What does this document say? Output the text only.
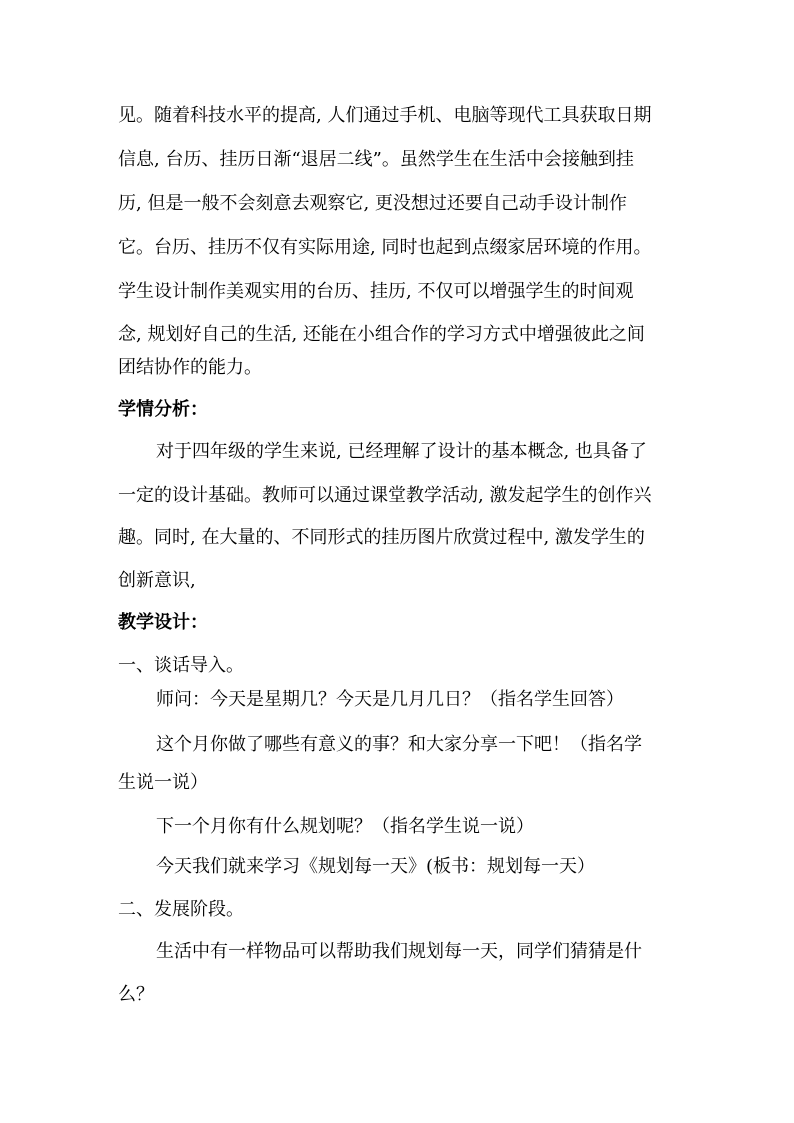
见。随着科技水平的提高, 人们通过手机、电脑等现代工具获取日期
信息, 台历、挂历日渐“退居二线”。虽然学生在生活中会接触到挂
历, 但是一般不会刻意去观察它, 更没想过还要自己动手设计制作
它。台历、挂历不仅有实际用途, 同时也起到点缀家居环境的作用。
学生设计制作美观实用的台历、挂历, 不仅可以增强学生的时间观
念, 规划好自己的生活, 还能在小组合作的学习方式中增强彼此之间
团结协作的能力。
学情分析：
对于四年级的学生来说, 已经理解了设计的基本概念, 也具备了
一定的设计基础。教师可以通过课堂教学活动, 激发起学生的创作兴
趣。同时, 在大量的、不同形式的挂历图片欣赏过程中, 激发学生的
创新意识,
教学设计：
一、谈话导入。
师问：今天是星期几？今天是几月几日？（指名学生回答）
这个月你做了哪些有意义的事？和大家分享一下吧！（指名学
生说一说）
下一个月你有什么规划呢？（指名学生说一说）
今天我们就来学习《规划每一天》(板书：规划每一天）
二、发展阶段。
生活中有一样物品可以帮助我们规划每一天，同学们猜猜是什
么？
